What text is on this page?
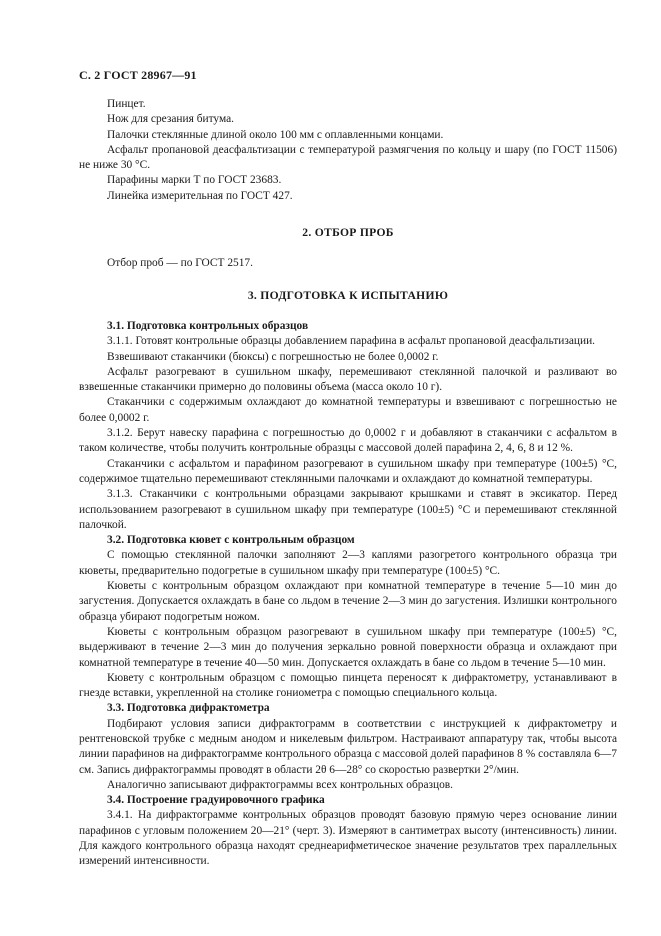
С. 2 ГОСТ 28967—91

Пинцет.

Нож для срезания битума.

Палочки стеклянные длиной около 100 мм с оплавленными концами.

Асфальт пропановой деасфальтизации с температурой размягчения по кольцу и шару (по ГОСТ 11506) не ниже 30 °С.

Парафины марки Т по ГОСТ 23683.

Линейка измерительная по ГОСТ 427.

2. ОТБОР ПРОБ

Отбор проб — по ГОСТ 2517.

3. ПОДГОТОВКА К ИСПЫТАНИЮ

3.1. Подготовка контрольных образцов

3.1.1. Готовят контрольные образцы добавлением парафина в асфальт пропановой деасфальтизации.

Взвешивают стаканчики (бюксы) с погрешностью не более 0,0002 г.

Асфальт разогревают в сушильном шкафу, перемешивают стеклянной палочкой и разливают во взвешенные стаканчики примерно до половины объема (масса около 10 г).

Стаканчики с содержимым охлаждают до комнатной температуры и взвешивают с погрешностью не более 0,0002 г.

3.1.2. Берут навеску парафина с погрешностью до 0,0002 г и добавляют в стаканчики с асфальтом в таком количестве, чтобы получить контрольные образцы с массовой долей парафина 2, 4, 6, 8 и 12 %.

Стаканчики с асфальтом и парафином разогревают в сушильном шкафу при температуре (100±5) °С, содержимое тщательно перемешивают стеклянными палочками и охлаждают до комнатной температуры.

3.1.3. Стаканчики с контрольными образцами закрывают крышками и ставят в эксикатор. Перед использованием разогревают в сушильном шкафу при температуре (100±5) °С и перемешивают стеклянной палочкой.

3.2. Подготовка кювет с контрольным образцом

С помощью стеклянной палочки заполняют 2—3 каплями разогретого контрольного образца три кюветы, предварительно подогретые в сушильном шкафу при температуре (100±5) °С.

Кюветы с контрольным образцом охлаждают при комнатной температуре в течение 5—10 мин до загустения. Допускается охлаждать в бане со льдом в течение 2—3 мин до загустения. Излишки контрольного образца убирают подогретым ножом.

Кюветы с контрольным образцом разогревают в сушильном шкафу при температуре (100±5) °С, выдерживают в течение 2—3 мин до получения зеркально ровной поверхности образца и охлаждают при комнатной температуре в течение 40—50 мин. Допускается охлаждать в бане со льдом в течение 5—10 мин.

Кювету с контрольным образцом с помощью пинцета переносят к дифрактометру, устанавливают в гнезде вставки, укрепленной на столике гониометра с помощью специального кольца.

3.3. Подготовка дифрактометра

Подбирают условия записи дифрактограмм в соответствии с инструкцией к дифрактометру и рентгеновской трубке с медным анодом и никелевым фильтром. Настраивают аппаратуру так, чтобы высота линии парафинов на дифрактограмме контрольного образца с массовой долей парафинов 8 % составляла 6—7 см. Запись дифрактограммы проводят в области 2θ 6—28° со скоростью развертки 2°/мин.

Аналогично записывают дифрактограммы всех контрольных образцов.

3.4. Построение градуировочного графика

3.4.1. На дифрактограмме контрольных образцов проводят базовую прямую через основание линии парафинов с угловым положением 20—21° (черт. 3). Измеряют в сантиметрах высоту (интенсивность) линии. Для каждого контрольного образца находят среднеарифметическое значение результатов трех параллельных измерений интенсивности.
